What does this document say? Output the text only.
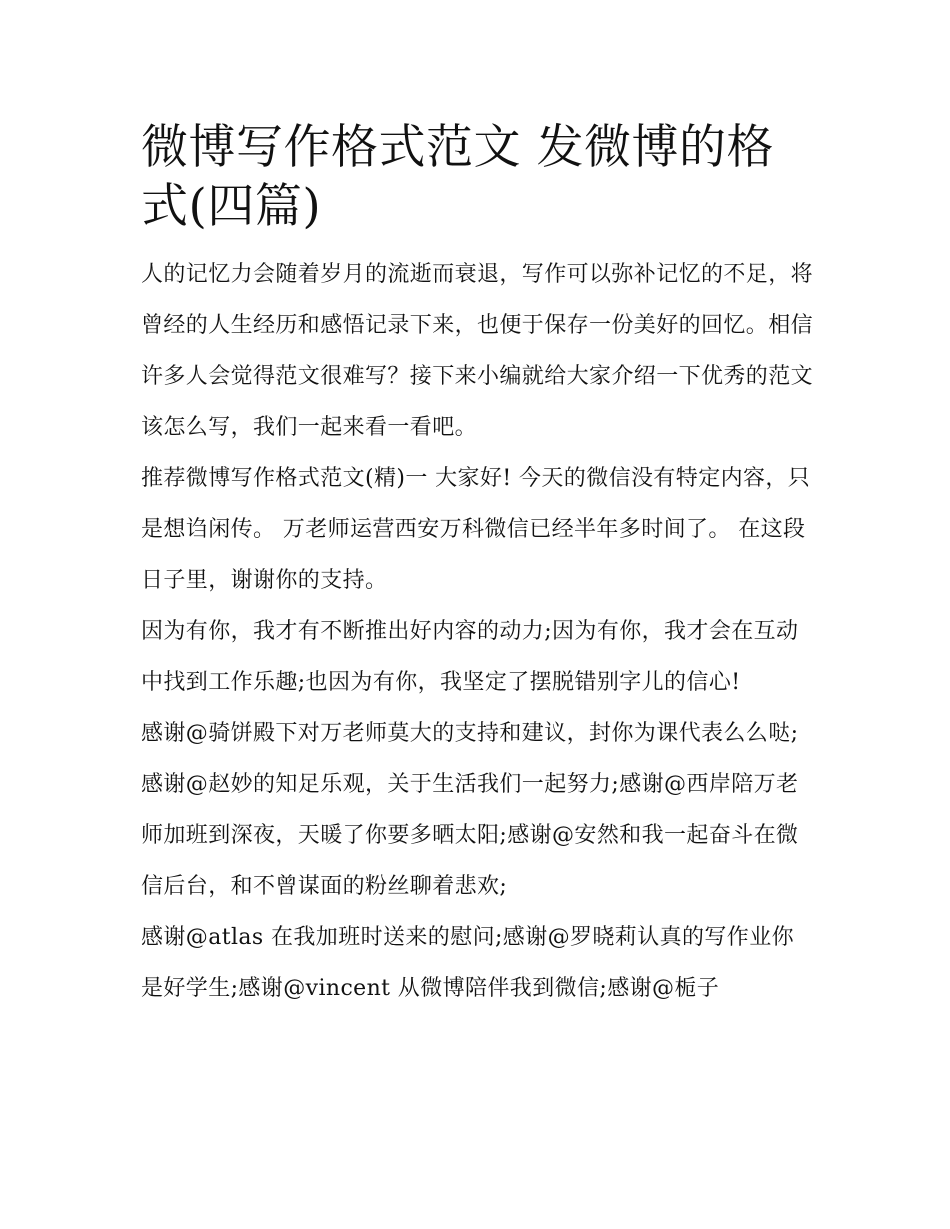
微博写作格式范文 发微博的格式(四篇)

人的记忆力会随着岁月的流逝而衰退，写作可以弥补记忆的不足，将曾经的人生经历和感悟记录下来，也便于保存一份美好的回忆。相信许多人会觉得范文很难写？接下来小编就给大家介绍一下优秀的范文该怎么写，我们一起来看一看吧。

推荐微博写作格式范文(精)一 大家好! 今天的微信没有特定内容，只是想诌闲传。 万老师运营西安万科微信已经半年多时间了。 在这段日子里，谢谢你的支持。

因为有你，我才有不断推出好内容的动力;因为有你，我才会在互动中找到工作乐趣;也因为有你，我坚定了摆脱错别字儿的信心!

感谢@骑饼殿下对万老师莫大的支持和建议，封你为课代表么么哒;感谢@赵妙的知足乐观，关于生活我们一起努力;感谢@西岸陪万老师加班到深夜，天暖了你要多晒太阳;感谢@安然和我一起奋斗在微信后台，和不曾谋面的粉丝聊着悲欢;

感谢@atlas 在我加班时送来的慰问;感谢@罗晓莉认真的写作业你是好学生;感谢@vincent 从微博陪伴我到微信;感谢@栀子
